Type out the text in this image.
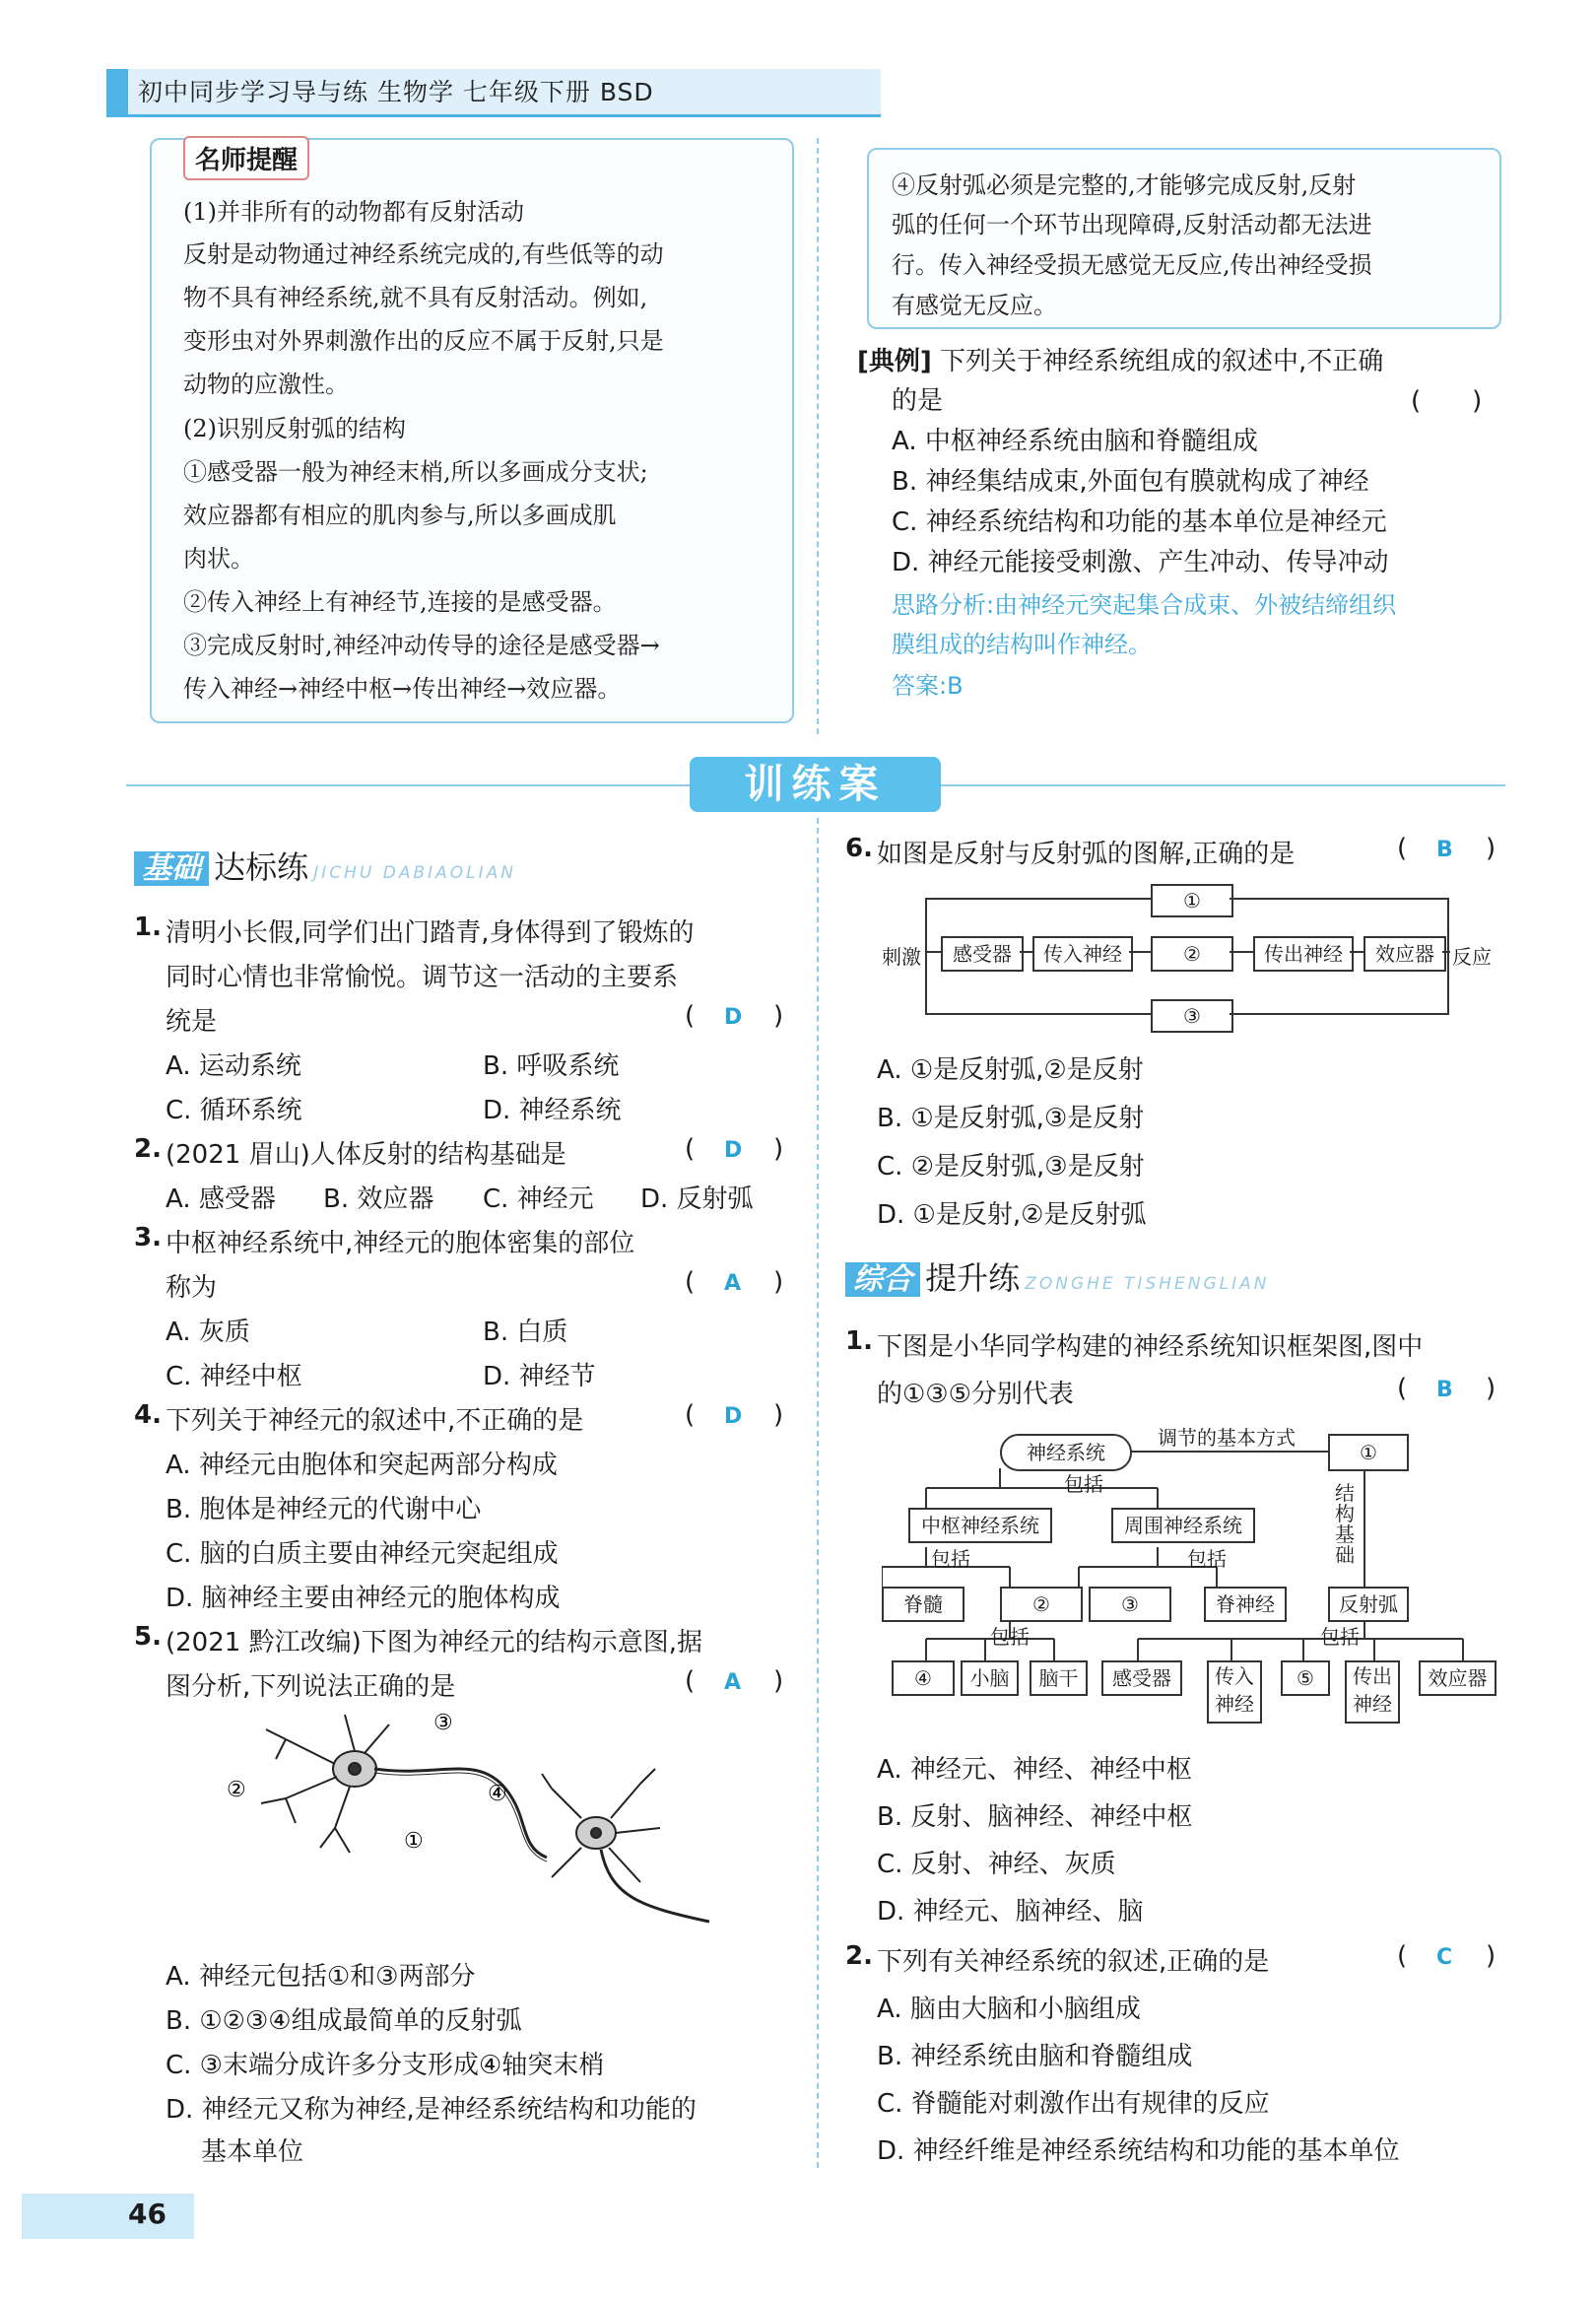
初中同步学习导与练 生物学 七年级下册 BSD
名师提醒
(1)并非所有的动物都有反射活动
反射是动物通过神经系统完成的,有些低等的动
物不具有神经系统,就不具有反射活动。例如,
变形虫对外界刺激作出的反应不属于反射,只是
动物的应激性。
(2)识别反射弧的结构
①感受器一般为神经末梢,所以多画成分支状;
效应器都有相应的肌肉参与,所以多画成肌
肉状。
②传入神经上有神经节,连接的是感受器。
③完成反射时,神经冲动传导的途径是感受器→
传入神经→神经中枢→传出神经→效应器。
④反射弧必须是完整的,才能够完成反射,反射
弧的任何一个环节出现障碍,反射活动都无法进
行。传入神经受损无感觉无反应,传出神经受损
有感觉无反应。
[典例] 下列关于神经系统组成的叙述中,不正确
的是	(　　)
A. 中枢神经系统由脑和脊髓组成
B. 神经集结成束,外面包有膜就构成了神经
C. 神经系统结构和功能的基本单位是神经元
D. 神经元能接受刺激、产生冲动、传导冲动
思路分析:由神经元突起集合成束、外被结缔组织
膜组成的结构叫作神经。
答案:B
训练案
基础 达标练 JICHU DABIAOLIAN
1. 清明小长假,同学们出门踏青,身体得到了锻炼的
同时心情也非常愉悦。调节这一活动的主要系
统是	( D )
A. 运动系统	B. 呼吸系统
C. 循环系统	D. 神经系统
2. (2021 眉山)人体反射的结构基础是	( D )
A. 感受器 B. 效应器 C. 神经元 D. 反射弧
3. 中枢神经系统中,神经元的胞体密集的部位
称为	( A )
A. 灰质	B. 白质
C. 神经中枢	D. 神经节
4. 下列关于神经元的叙述中,不正确的是	( D )
A. 神经元由胞体和突起两部分构成
B. 胞体是神经元的代谢中心
C. 脑的白质主要由神经元突起组成
D. 脑神经主要由神经元的胞体构成
5. (2021 黔江改编)下图为神经元的结构示意图,据
图分析,下列说法正确的是	( A )
②
①
③
④
A. 神经元包括①和③两部分
B. ①②③④组成最简单的反射弧
C. ③末端分成许多分支形成④轴突末梢
D. 神经元又称为神经,是神经系统结构和功能的
基本单位
6. 如图是反射与反射弧的图解,正确的是	( B )
①
刺激	感受器	传入神经	②	传出神经	效应器 反应
③
A. ①是反射弧,②是反射
B. ①是反射弧,③是反射
C. ②是反射弧,③是反射
D. ①是反射,②是反射弧
综合 提升练 ZONGHE TISHENGLIAN
1. 下图是小华同学构建的神经系统知识框架图,图中
的①③⑤分别代表	( B )
神经系统
调节的基本方式
①
包括
中枢神经系统	周围神经系统
结构基础
包括	包括
脊髓	②	③	脊神经	反射弧
包括	包括
④	小脑	脑干	感受器	传入神经
⑤	传出神经
效应器
A. 神经元、神经、神经中枢
B. 反射、脑神经、神经中枢
C. 反射、神经、灰质
D. 神经元、脑神经、脑
2. 下列有关神经系统的叙述,正确的是	( C )
A. 脑由大脑和小脑组成
B. 神经系统由脑和脊髓组成
C. 脊髓能对刺激作出有规律的反应
D. 神经纤维是神经系统结构和功能的基本单位
46
